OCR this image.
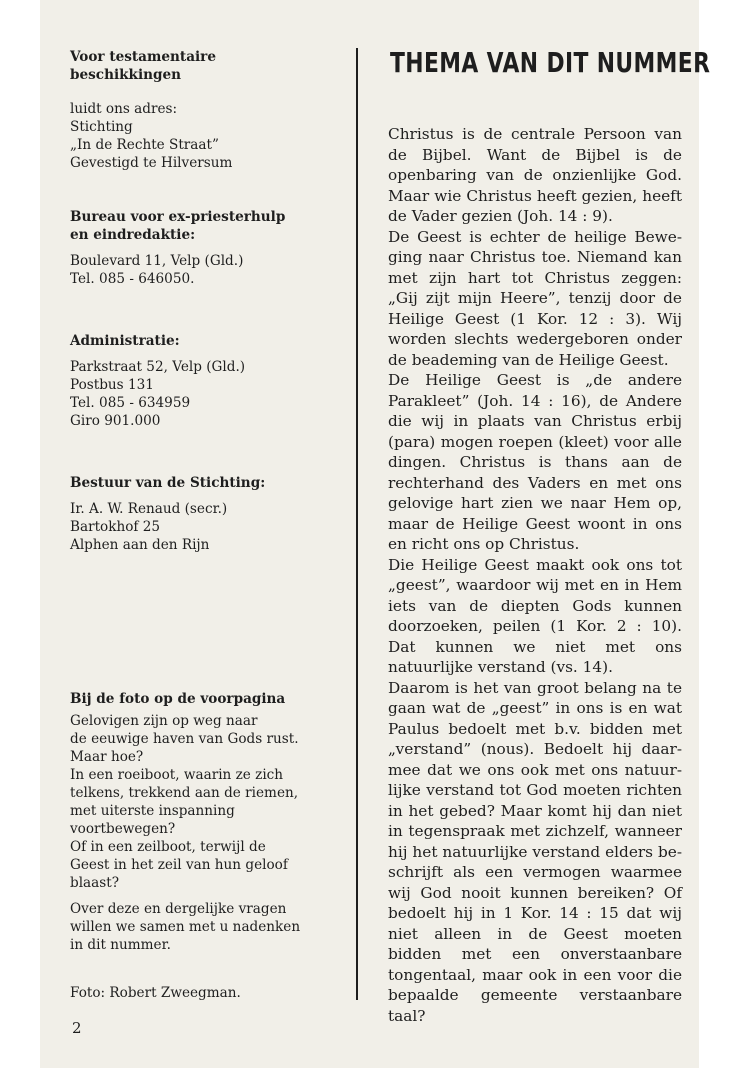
Voor testamentaire

beschikkingen

luidt ons adres:

Stichting

„In de Rechte Straat”

Gevestigd te Hilversum

Bureau voor ex-priesterhulp

en eindredaktie:

Boulevard 11, Velp (Gld.)

Tel. 085 - 646050.

Administratie:

Parkstraat 52, Velp (Gld.)

Postbus 131

Tel. 085 - 634959

Giro 901.000

Bestuur van de Stichting:

Ir. A. W. Renaud (secr.)

Bartokhof 25

Alphen aan den Rijn

Bij de foto op de voorpagina

Gelovigen zijn op weg naar

de eeuwige haven van Gods rust.

Maar hoe?

In een roeiboot, waarin ze zich

telkens, trekkend aan de riemen,

met uiterste inspanning

voortbewegen?

Of in een zeilboot, terwijl de

Geest in het zeil van hun geloof

blaast?

Over deze en dergelijke vragen

willen we samen met u nadenken

in dit nummer.

Foto: Robert Zweegman.

THEMA VAN DIT NUMMER

Christus is de centrale Persoon van de Bijbel. Want de Bijbel is de openbaring van de onzienlijke God. Maar wie Christus heeft gezien, heeft de Vader gezien (Joh. 14 : 9).

De Geest is echter de heilige Beweging naar Christus toe. Niemand kan met zijn hart tot Christus zeggen: „Gij zijt mijn Heere”, tenzij door de Heilige Geest (1 Kor. 12 : 3). Wij worden slechts wedergeboren onder de beademing van de Heilige Geest.

De Heilige Geest is „de andere Parakleet” (Joh. 14 : 16), de Andere die wij in plaats van Christus erbij (para) mogen roepen (kleet) voor alle dingen. Christus is thans aan de rechterhand des Vaders en met ons gelovige hart zien we naar Hem op, maar de Heilige Geest woont in ons en richt ons op Christus.

Die Heilige Geest maakt ook ons tot „geest”, waardoor wij met en in Hem iets van de diepten Gods kunnen doorzoeken, peilen (1 Kor. 2 : 10). Dat kunnen we niet met ons natuurlijke verstand (vs. 14).

Daarom is het van groot belang na te gaan wat de „geest” in ons is en wat Paulus bedoelt met b.v. bidden met „verstand” (nous). Bedoelt hij daarmee dat we ons ook met ons natuurlijke verstand tot God moeten richten in het gebed? Maar komt hij dan niet in tegenspraak met zichzelf, wanneer hij het natuurlijke verstand elders beschrijft als een vermogen waarmee wij God nooit kunnen bereiken? Of bedoelt hij in 1 Kor. 14 : 15 dat wij niet alleen in de Geest moeten bidden met een onverstaanbare tongentaal, maar ook in een voor die bepaalde gemeente verstaanbare taal?

2
